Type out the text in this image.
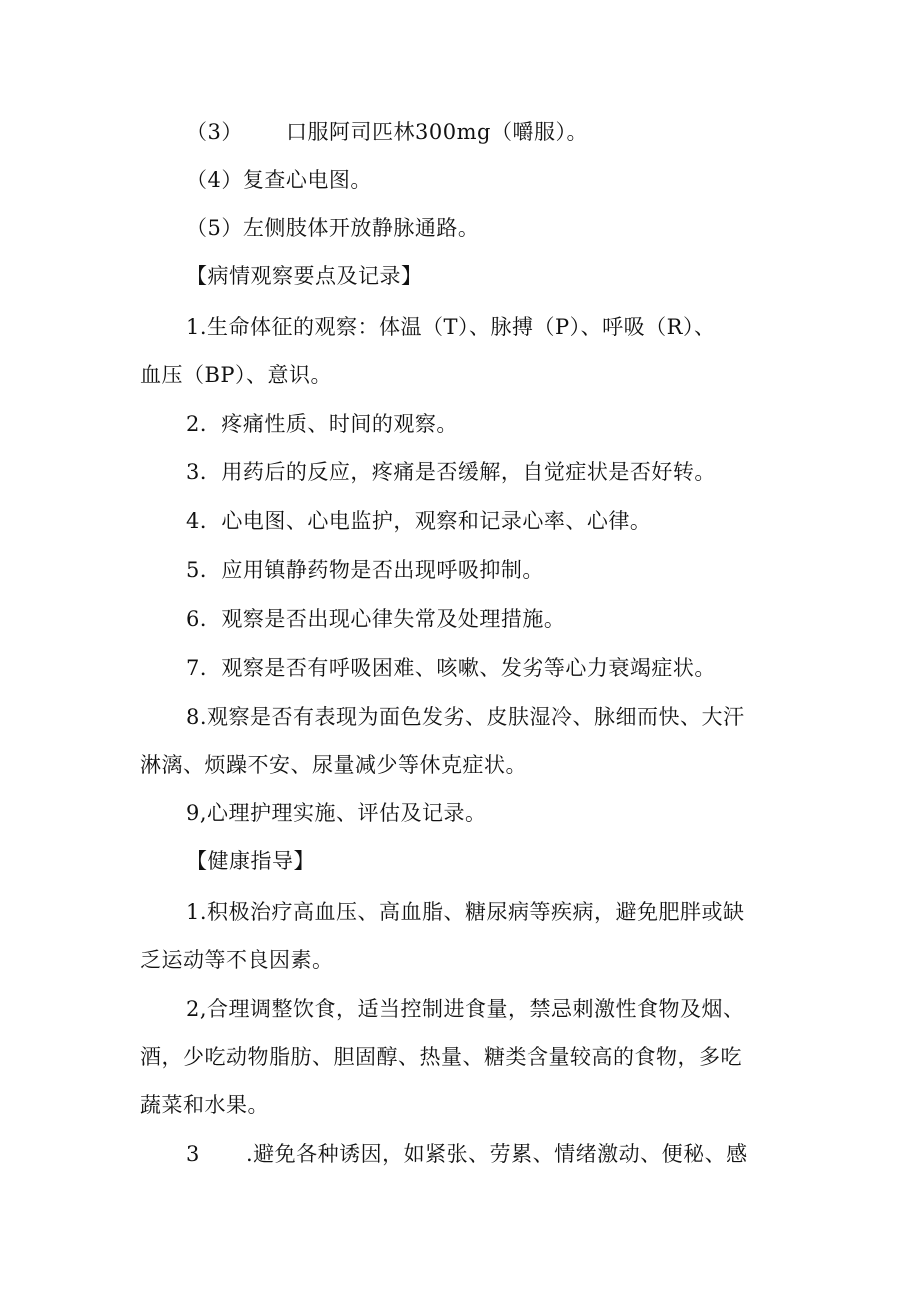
（3） 口服阿司匹林300mg（嚼服）。
（4）复查心电图。
（5）左侧肢体开放静脉通路。
【病情观察要点及记录】
1.生命体征的观察：体温（T）、脉搏（P）、呼吸（R）、
血压（BP）、意识。
2．疼痛性质、时间的观察。
3．用药后的反应，疼痛是否缓解，自觉症状是否好转。
4．心电图、心电监护，观察和记录心率、心律。
5．应用镇静药物是否出现呼吸抑制。
6．观察是否出现心律失常及处理措施。
7．观察是否有呼吸困难、咳嗽、发劣等心力衰竭症状。
8.观察是否有表现为面色发劣、皮肤湿冷、脉细而快、大汗
淋漓、烦躁不安、尿量减少等休克症状。
9,心理护理实施、评估及记录。
【健康指导】
1.积极治疗高血压、高血脂、糖尿病等疾病，避免肥胖或缺
乏运动等不良因素。
2,合理调整饮食，适当控制进食量，禁忌刺激性食物及烟、
酒，少吃动物脂肪、胆固醇、热量、糖类含量较高的食物，多吃
蔬菜和水果。
3 .避免各种诱因，如紧张、劳累、情绪激动、便秘、感
